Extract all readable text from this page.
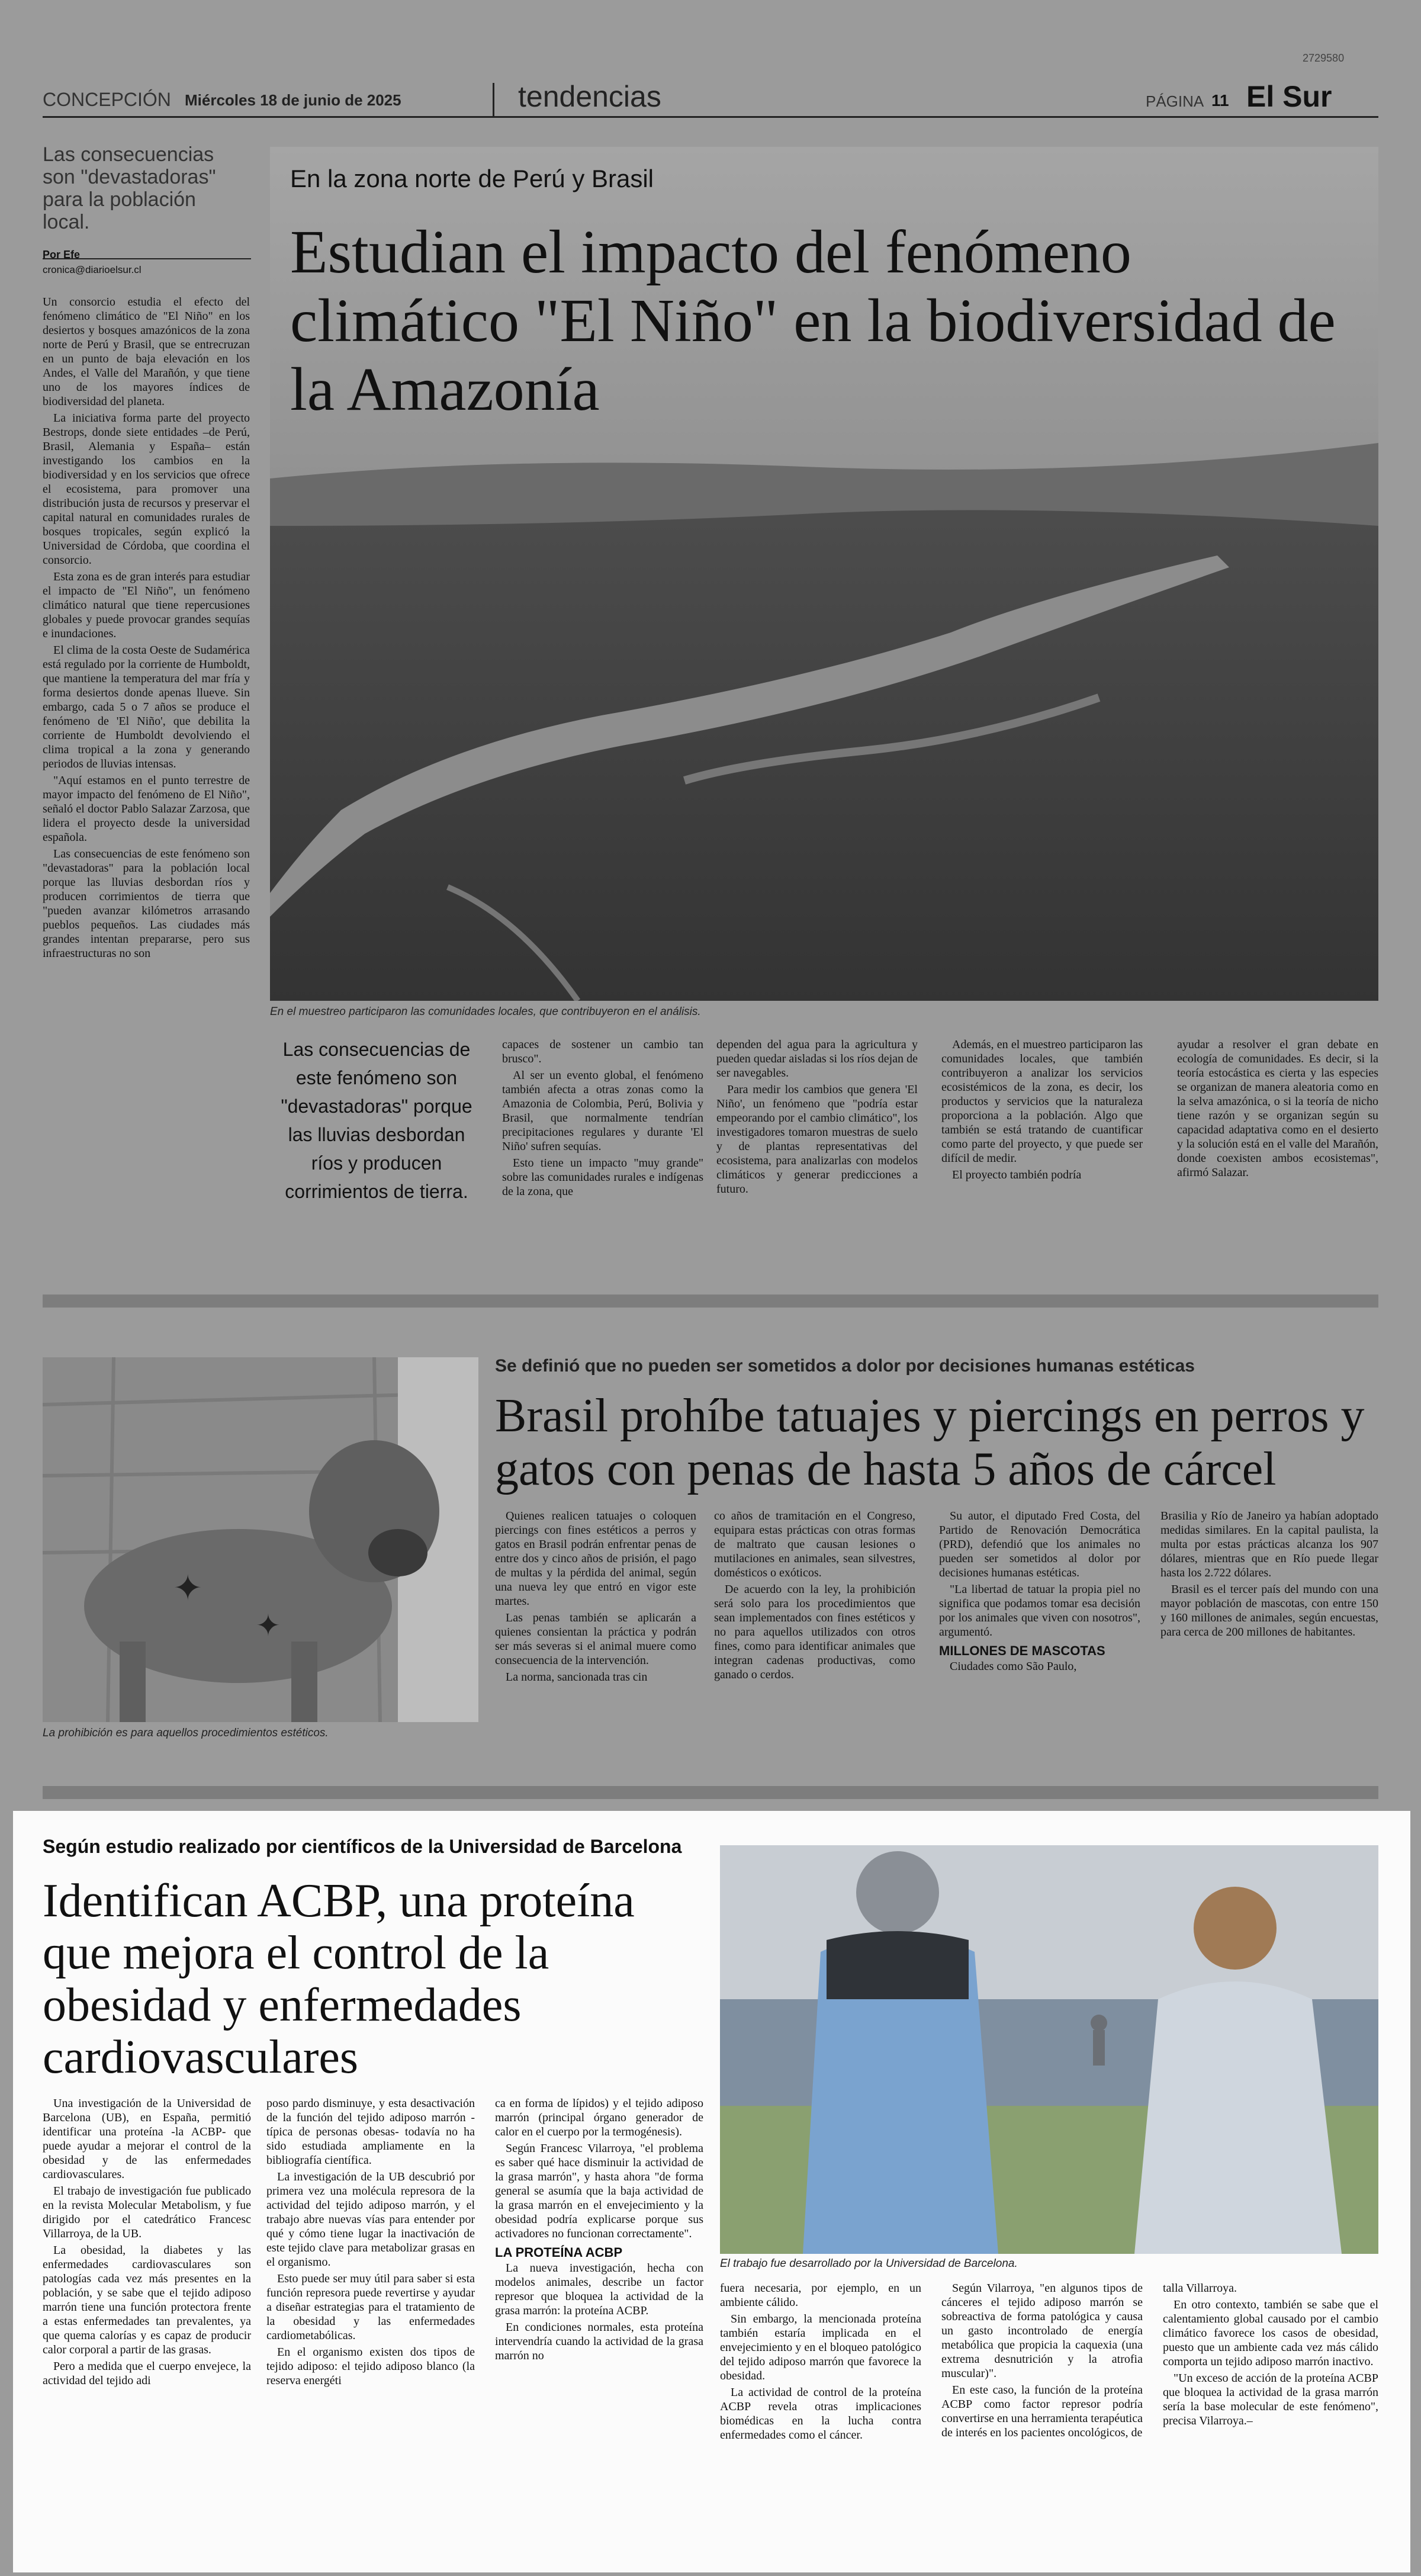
2729580
CONCEPCIÓN Miércoles 18 de junio de 2025	tendencias	PÁGINA 11 El Sur
Las consecuencias son "devastadoras" para la población local.
Por Efe
cronica@diarioelsur.cl

Un consorcio estudia el efecto del fenómeno climático de "El Niño" en los desiertos y bosques amazónicos de la zona norte de Perú y Brasil, que se entrecruzan en un punto de baja elevación en los Andes, el Valle del Marañón, y que tiene uno de los mayores índices de biodiversidad del planeta.

La iniciativa forma parte del proyecto Bestrops, donde siete entidades –de Perú, Brasil, Alemania y España– están investigando los cambios en la biodiversidad y en los servicios que ofrece el ecosistema, para promover una distribución justa de recursos y preservar el capital natural en comunidades rurales de bosques tropicales, según explicó la Universidad de Córdoba, que coordina el consorcio.

Esta zona es de gran interés para estudiar el impacto de "El Niño", un fenómeno climático natural que tiene repercusiones globales y puede provocar grandes sequías e inundaciones.

El clima de la costa Oeste de Sudamérica está regulado por la corriente de Humboldt, que mantiene la temperatura del mar fría y forma desiertos donde apenas llueve. Sin embargo, cada 5 o 7 años se produce el fenómeno de 'El Niño', que debilita la corriente de Humboldt devolviendo el clima tropical a la zona y generando periodos de lluvias intensas.

"Aquí estamos en el punto terrestre de mayor impacto del fenómeno de El Niño", señaló el doctor Pablo Salazar Zarzosa, que lidera el proyecto desde la universidad española.

Las consecuencias de este fenómeno son "devastadoras" para la población local porque las lluvias desbordan ríos y producen corrimientos de tierra que "pueden avanzar kilómetros arrasando pueblos pequeños. Las ciudades más grandes intentan prepararse, pero sus infraestructuras no son

En la zona norte de Perú y Brasil
Estudian el impacto del fenómeno climático "El Niño" en la biodiversidad de la Amazonía
En el muestreo participaron las comunidades locales, que contribuyeron en el análisis.
Las consecuencias de este fenómeno son "devastadoras" porque las lluvias desbordan ríos y producen corrimientos de tierra.

capaces de sostener un cambio tan brusco".

Al ser un evento global, el fenómeno también afecta a otras zonas como la Amazonia de Colombia, Perú, Bolivia y Brasil, que normalmente tendrían precipitaciones regulares y durante 'El Niño' sufren sequías.

Esto tiene un impacto "muy grande" sobre las comunidades rurales e indígenas de la zona, que

dependen del agua para la agricultura y pueden quedar aisladas si los ríos dejan de ser navegables.

Para medir los cambios que genera 'El Niño', un fenómeno que "podría estar empeorando por el cambio climático", los investigadores tomaron muestras de suelo y de plantas representativas del ecosistema, para analizarlas con modelos climáticos y generar predicciones a futuro.

Además, en el muestreo participaron las comunidades locales, que también contribuyeron a analizar los servicios ecosistémicos de la zona, es decir, los productos y servicios que la naturaleza proporciona a la población. Algo que también se está tratando de cuantificar como parte del proyecto, y que puede ser difícil de medir.

El proyecto también podría

ayudar a resolver el gran debate en ecología de comunidades. Es decir, si la teoría estocástica es cierta y las especies se organizan de manera aleatoria como en la selva amazónica, o si la teoría de nicho tiene razón y se organizan según su capacidad adaptativa como en el desierto y la solución está en el valle del Marañón, donde coexisten ambos ecosistemas", afirmó Salazar.

✦
✦
La prohibición es para aquellos procedimientos estéticos.
Se definió que no pueden ser sometidos a dolor por decisiones humanas estéticas
Brasil prohíbe tatuajes y piercings en perros y gatos con penas de hasta 5 años de cárcel

Quienes realicen tatuajes o coloquen piercings con fines estéticos a perros y gatos en Brasil podrán enfrentar penas de entre dos y cinco años de prisión, el pago de multas y la pérdida del animal, según una nueva ley que entró en vigor este martes.

Las penas también se aplicarán a quienes consientan la práctica y podrán ser más severas si el animal muere como consecuencia de la intervención.

La norma, sancionada tras cin

co años de tramitación en el Congreso, equipara estas prácticas con otras formas de maltrato que causan lesiones o mutilaciones en animales, sean silvestres, domésticos o exóticos.

De acuerdo con la ley, la prohibición será solo para los procedimientos que sean implementados con fines estéticos y no para aquellos utilizados con otros fines, como para identificar animales que integran cadenas productivas, como ganado o cerdos.

Su autor, el diputado Fred Costa, del Partido de Renovación Democrática (PRD), defendió que los animales no pueden ser sometidos al dolor por decisiones humanas estéticas.

"La libertad de tatuar la propia piel no significa que podamos tomar esa decisión por los animales que viven con nosotros", argumentó.

MILLONES DE MASCOTAS

Ciudades como São Paulo,

Brasilia y Río de Janeiro ya habían adoptado medidas similares. En la capital paulista, la multa por estas prácticas alcanza los 907 dólares, mientras que en Río puede llegar hasta los 2.722 dólares.

Brasil es el tercer país del mundo con una mayor población de mascotas, con entre 150 y 160 millones de animales, según encuestas, para cerca de 200 millones de habitantes.

Según estudio realizado por científicos de la Universidad de Barcelona
Identifican ACBP, una proteína que mejora el control de la obesidad y enfermedades cardiovasculares
El trabajo fue desarrollado por la Universidad de Barcelona.

Una investigación de la Universidad de Barcelona (UB), en España, permitió identificar una proteína -la ACBP- que puede ayudar a mejorar el control de la obesidad y de las enfermedades cardiovasculares.

El trabajo de investigación fue publicado en la revista Molecular Metabolism, y fue dirigido por el catedrático Francesc Villarroya, de la UB.

La obesidad, la diabetes y las enfermedades cardiovasculares son patologías cada vez más presentes en la población, y se sabe que el tejido adiposo marrón tiene una función protectora frente a estas enfermedades tan prevalentes, ya que quema calorías y es capaz de producir calor corporal a partir de las grasas.

Pero a medida que el cuerpo envejece, la actividad del tejido adi

poso pardo disminuye, y esta desactivación de la función del tejido adiposo marrón -típica de personas obesas- todavía no ha sido estudiada ampliamente en la bibliografía científica.

La investigación de la UB descubrió por primera vez una molécula represora de la actividad del tejido adiposo marrón, y el trabajo abre nuevas vías para entender por qué y cómo tiene lugar la inactivación de este tejido clave para metabolizar grasas en el organismo.

Esto puede ser muy útil para saber si esta función represora puede revertirse y ayudar a diseñar estrategias para el tratamiento de la obesidad y las enfermedades cardiometabólicas.

En el organismo existen dos tipos de tejido adiposo: el tejido adiposo blanco (la reserva energéti

ca en forma de lípidos) y el tejido adiposo marrón (principal órgano generador de calor en el cuerpo por la termogénesis).

Según Francesc Vilarroya, "el problema es saber qué hace disminuir la actividad de la grasa marrón", y hasta ahora "de forma general se asumía que la baja actividad de la grasa marrón en el envejecimiento y la obesidad podría explicarse porque sus activadores no funcionan correctamente".

LA PROTEÍNA ACBP

La nueva investigación, hecha con modelos animales, describe un factor represor que bloquea la actividad de la grasa marrón: la proteína ACBP.

En condiciones normales, esta proteína intervendría cuando la actividad de la grasa marrón no

fuera necesaria, por ejemplo, en un ambiente cálido.

Sin embargo, la mencionada proteína también estaría implicada en el envejecimiento y en el bloqueo patológico del tejido adiposo marrón que favorece la obesidad.

La actividad de control de la proteína ACBP revela otras implicaciones biomédicas en la lucha contra enfermedades como el cáncer.

Según Vilarroya, "en algunos tipos de cánceres el tejido adiposo marrón se sobreactiva de forma patológica y causa un gasto incontrolado de energía metabólica que propicia la caquexia (una extrema desnutrición y la atrofia muscular)".

En este caso, la función de la proteína ACBP como factor represor podría convertirse en una herramienta terapéutica de interés en los pacientes oncológicos, de

talla Villarroya.

En otro contexto, también se sabe que el calentamiento global causado por el cambio climático favorece los casos de obesidad, puesto que un ambiente cada vez más cálido comporta un tejido adiposo marrón inactivo.

"Un exceso de acción de la proteína ACBP que bloquea la actividad de la grasa marrón sería la base molecular de este fenómeno", precisa Vilarroya.–
